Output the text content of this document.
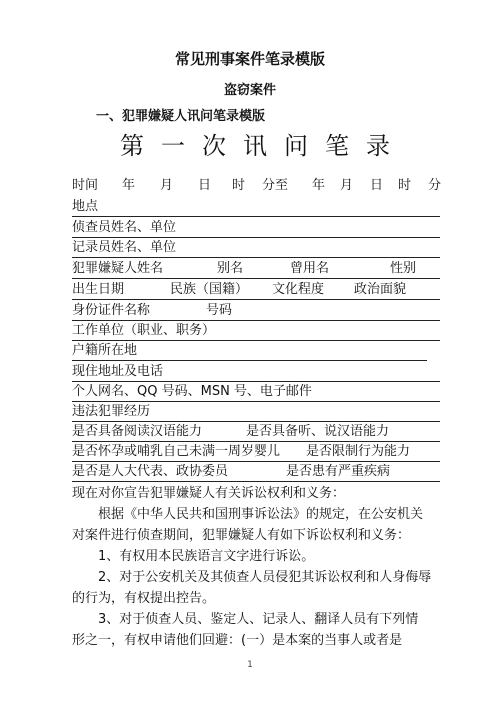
常见刑事案件笔录模版
盗窃案件
一、犯罪嫌疑人讯问笔录模版
第 一 次 讯 问 笔 录
时间 年 月 日 时 分至 年 月 日 时 分
地点
侦查员姓名、单位
记录员姓名、单位
犯罪嫌疑人姓名	别名	曾用名	性别
出生日期	民族（国籍） 文化程度 政治面貌
身份证件名称	号码
工作单位（职业、职务）
户籍所在地
现住地址及电话
个人网名、QQ 号码、MSN 号、电子邮件
违法犯罪经历
是否具备阅读汉语能力	是否具备听、说汉语能力
是否怀孕或哺乳自己未满一周岁婴儿 是否限制行为能力
是否是人大代表、政协委员	是否患有严重疾病
现在对你宣告犯罪嫌疑人有关诉讼权利和义务：
根据《中华人民共和国刑事诉讼法》的规定，在公安机关
对案件进行侦查期间，犯罪嫌疑人有如下诉讼权利和义务：
1、有权用本民族语言文字进行诉讼。
2、对于公安机关及其侦查人员侵犯其诉讼权利和人身侮辱
的行为，有权提出控告。
3、对于侦查人员、鉴定人、记录人、翻译人员有下列情
形之一，有权申请他们回避：(一）是本案的当事人或者是
1
